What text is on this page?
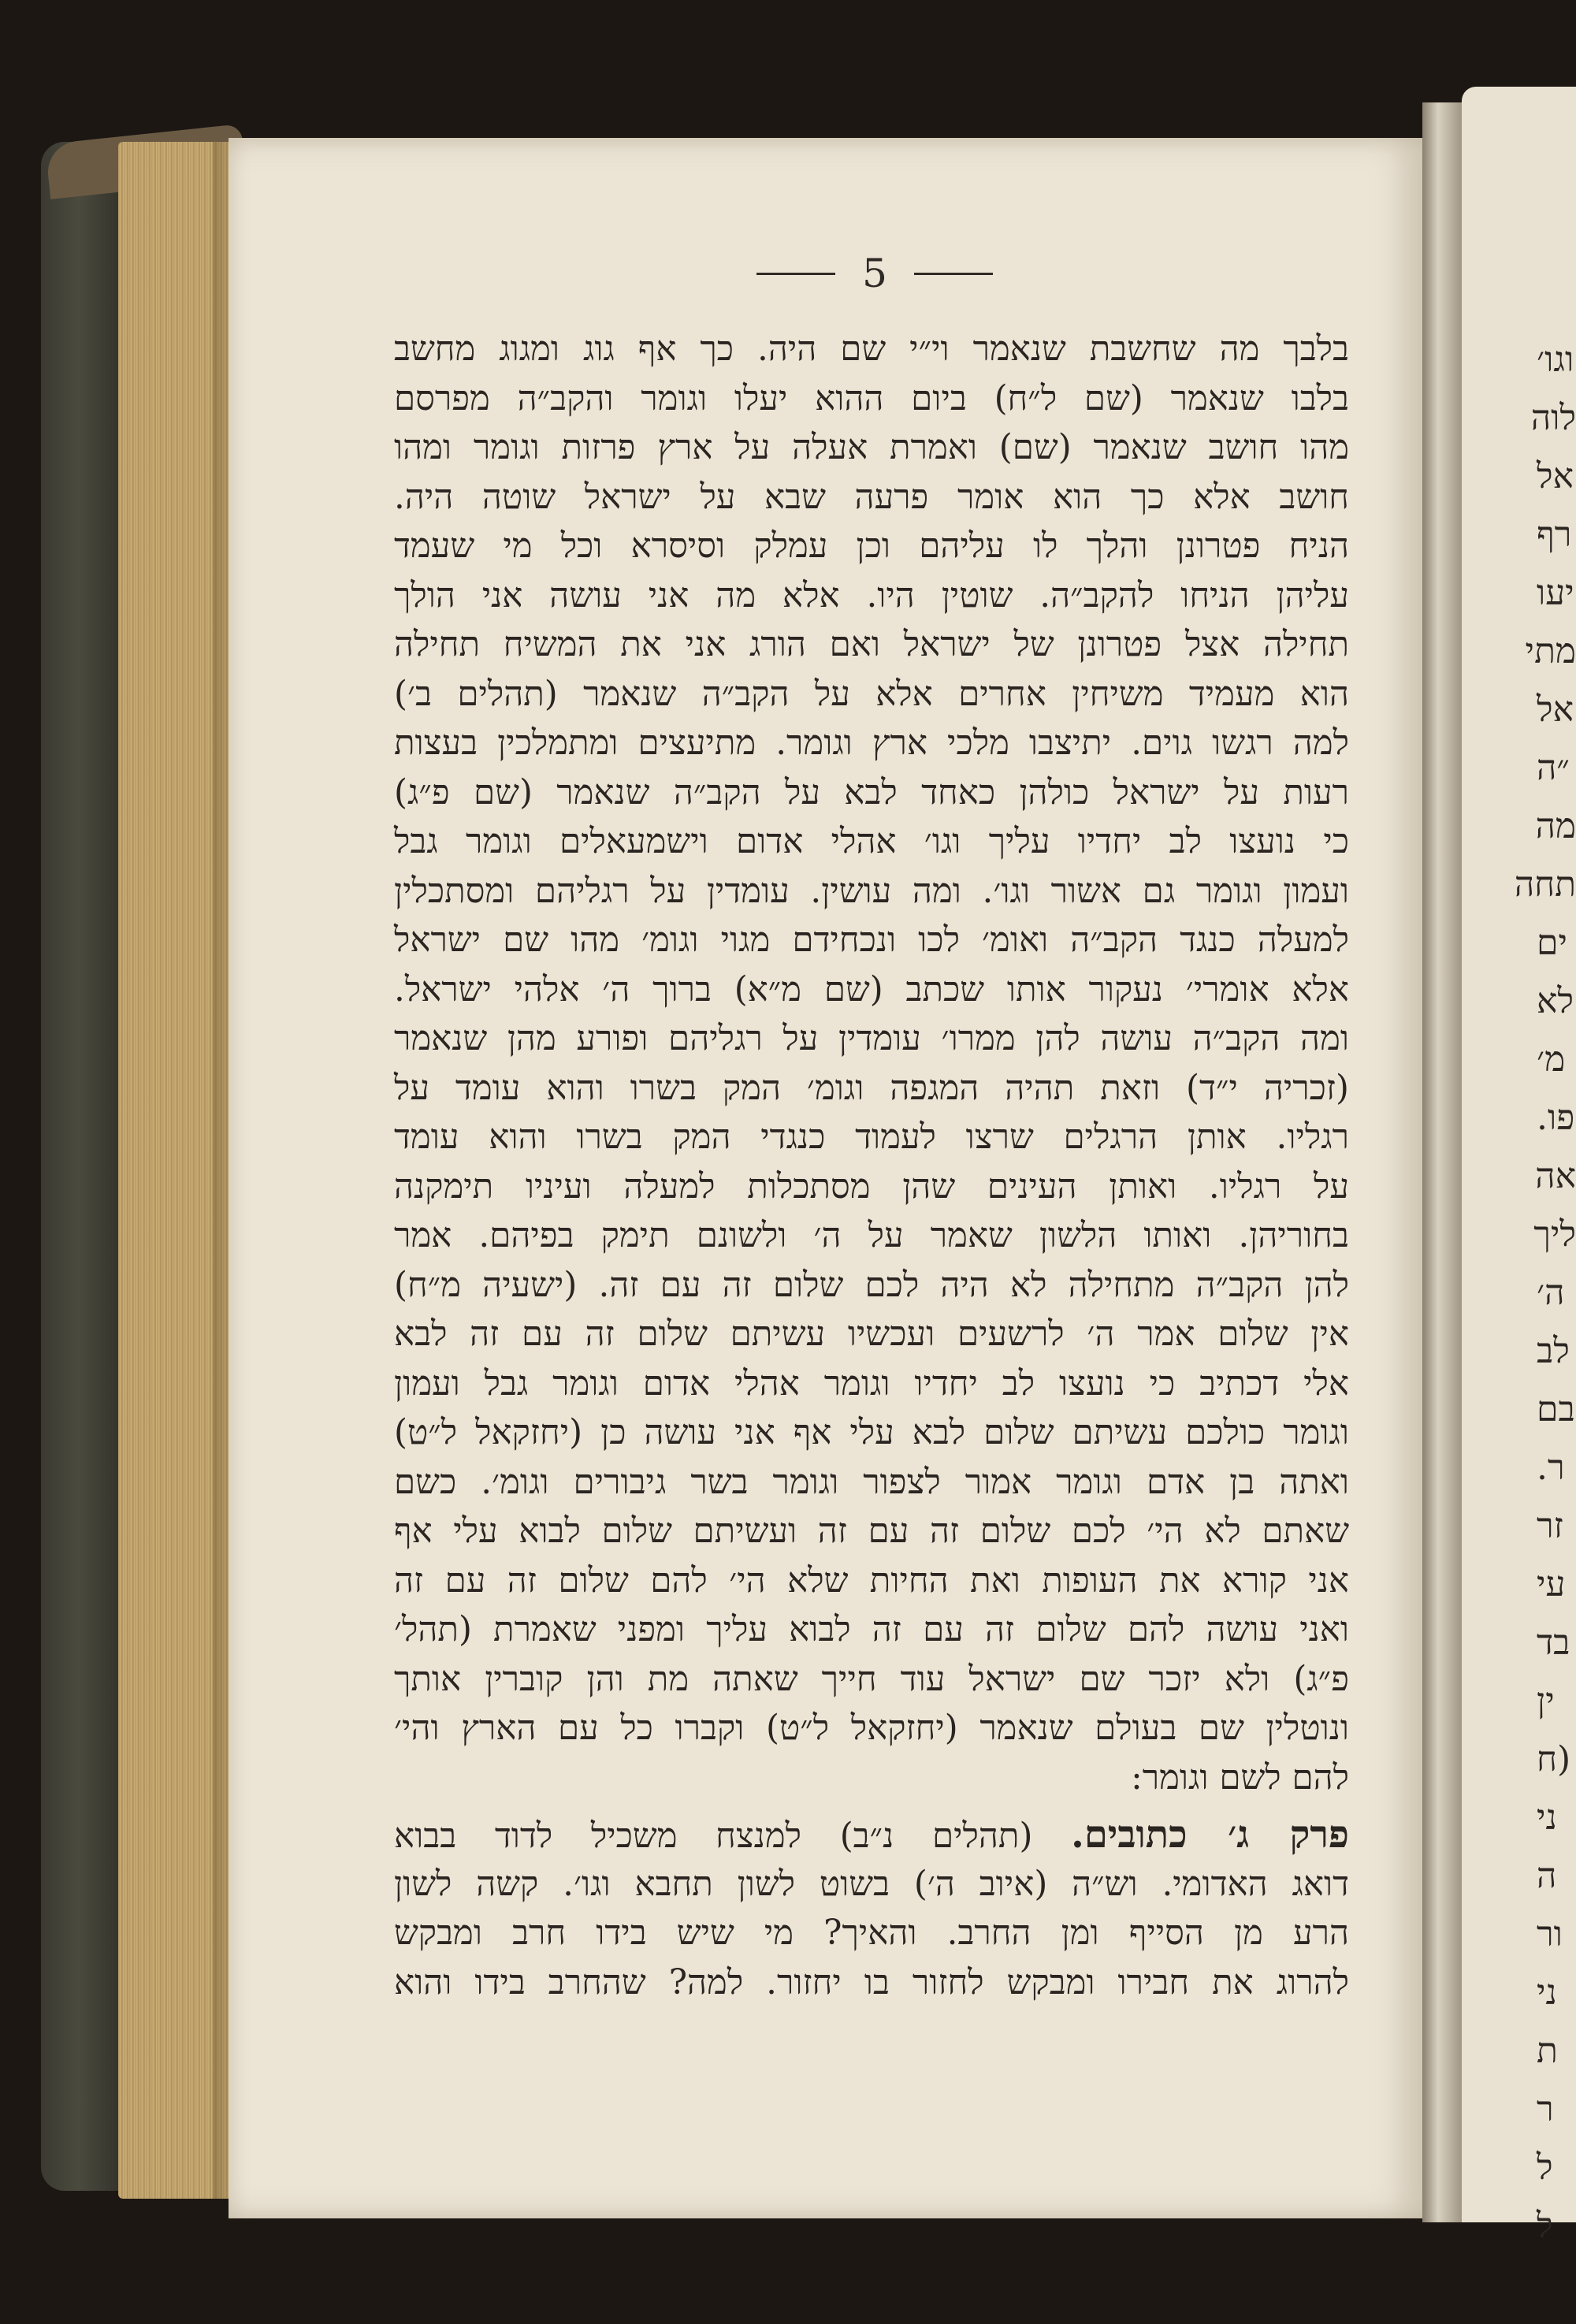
וגו׳
לוה
אל
רף
יעו
מתי
אל
״ה
מה
תחה
ים
לא
מ׳
פו.
אה
ליך
ה׳
לב
בם
ר.
זר
עי
בד
ין
(ח
ני
ה
ור
ני
ת
ר
ל
ל
5
בלבך מה שחשבת שנאמר וי״י שם היה. כך אף גוג ומגוג מחשב
בלבו שנאמר (שם ל״ח) ביום ההוא יעלו וגומר והקב״ה מפרסם
מהו חושב שנאמר (שם) ואמרת אעלה על ארץ פרזות וגומר ומהו
חושב אלא כך הוא אומר פרעה שבא על ישראל שוטה היה.
הניח פטרונן והלך לו עליהם וכן עמלק וסיסרא וכל מי שעמד
עליהן הניחו להקב״ה. שוטין היו. אלא מה אני עושה אני הולך
תחילה אצל פטרונן של ישראל ואם הורג אני את המשיח תחילה
הוא מעמיד משיחין אחרים אלא על הקב״ה שנאמר (תהלים ב׳)
למה רגשו גוים. יתיצבו מלכי ארץ וגומר. מתיעצים ומתמלכין בעצות
רעות על ישראל כולהן כאחד לבא על הקב״ה שנאמר (שם פ״ג)
כי נועצו לב יחדיו עליך וגו׳ אהלי אדום וישמעאלים וגומר גבל
ועמון וגומר גם אשור וגו׳. ומה עושין. עומדין על רגליהם ומסתכלין
למעלה כנגד הקב״ה ואומ׳ לכו ונכחידם מגוי וגומ׳ מהו שם ישראל
אלא אומרי׳ נעקור אותו שכתב (שם מ״א) ברוך ה׳ אלהי ישראל.
ומה הקב״ה עושה להן ממרו׳ עומדין על רגליהם ופורע מהן שנאמר
(זכריה י״ד) וזאת תהיה המגפה וגומ׳ המק בשרו והוא עומד על
רגליו. אותן הרגלים שרצו לעמוד כנגדי המק בשרו והוא עומד
על רגליו. ואותן העינים שהן מסתכלות למעלה ועיניו תימקנה
בחוריהן. ואותו הלשון שאמר על ה׳ ולשונם תימק בפיהם. אמר
להן הקב״ה מתחילה לא היה לכם שלום זה עם זה. (ישעיה מ״ח)
אין שלום אמר ה׳ לרשעים ועכשיו עשיתם שלום זה עם זה לבא
אלי דכתיב כי נועצו לב יחדיו וגומר אהלי אדום וגומר גבל ועמון
וגומר כולכם עשיתם שלום לבא עלי אף אני עושה כן (יחזקאל ל״ט)
ואתה בן אדם וגומר אמור לצפור וגומר בשר גיבורים וגומ׳. כשם
שאתם לא הי׳ לכם שלום זה עם זה ועשיתם שלום לבוא עלי אף
אני קורא את העופות ואת החיות שלא הי׳ להם שלום זה עם זה
ואני עושה להם שלום זה עם זה לבוא עליך ומפני שאמרת (תהל׳
פ״ג) ולא יזכר שם ישראל עוד חייך שאתה מת והן קוברין אותך
ונוטלין שם בעולם שנאמר (יחזקאל ל״ט) וקברו כל עם הארץ והי׳
להם לשם וגומר:
פרק ג׳ כתובים. (תהלים נ״ב) למנצח משכיל לדוד בבוא
דואג האדומי. וש״ה (איוב ה׳) בשוט לשון תחבא וגו׳. קשה לשון
הרע מן הסייף ומן החרב. והאיך? מי שיש בידו חרב ומבקש
להרוג את חבירו ומבקש לחזור בו יחזור. למה? שהחרב בידו והוא
